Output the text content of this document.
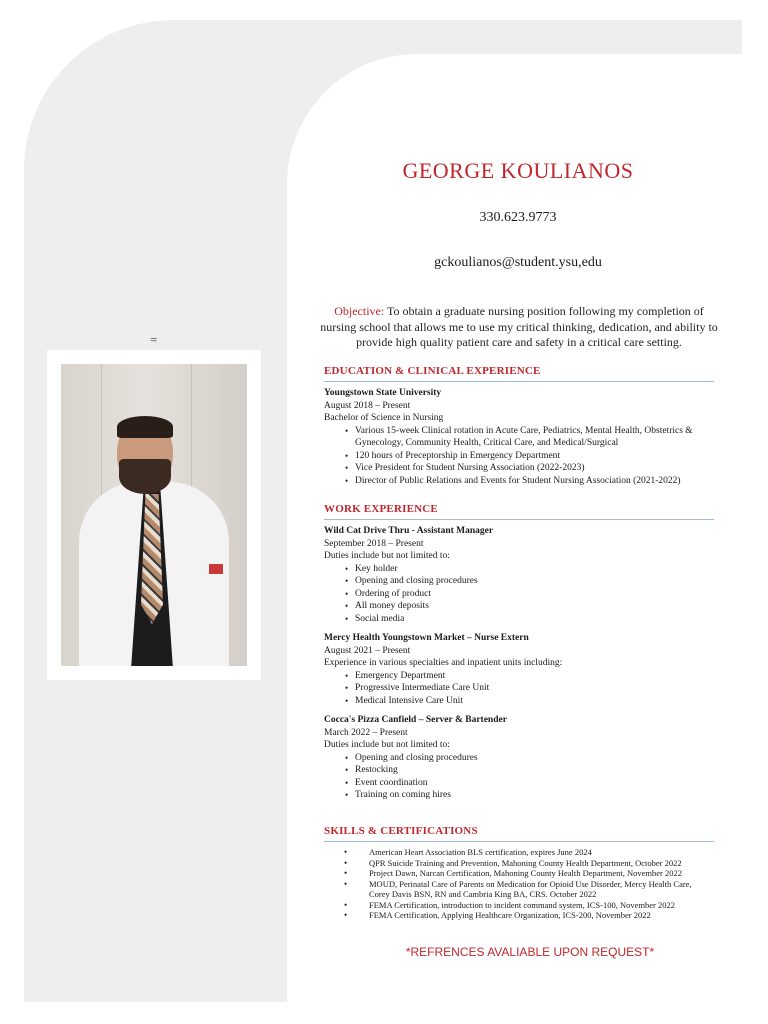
=
GEORGE KOULIANOS
330.623.9773
gckoulianos@student.ysu,edu
Objective: To obtain a graduate nursing position following my completion of nursing school that allows me to use my critical thinking, dedication, and ability to provide high quality patient care and safety in a critical care setting.
EDUCATION & CLINICAL EXPERIENCE
Youngstown State University
August 2018 – Present
Bachelor of Science in Nursing
• Various 15-week Clinical rotation in Acute Care, Pediatrics, Mental Health, Obstetrics & Gynecology, Community Health, Critical Care, and Medical/Surgical
• 120 hours of Preceptorship in Emergency Department
• Vice President for Student Nursing Association (2022-2023)
• Director of Public Relations and Events for Student Nursing Association (2021-2022)
WORK EXPERIENCE
Wild Cat Drive Thru - Assistant Manager
September 2018 – Present
Duties include but not limited to:
• Key holder
• Opening and closing procedures
• Ordering of product
• All money deposits
• Social media
Mercy Health Youngstown Market – Nurse Extern
August 2021 – Present
Experience in various specialties and inpatient units including:
• Emergency Department
• Progressive Intermediate Care Unit
• Medical Intensive Care Unit
Cocca's Pizza Canfield – Server & Bartender
March 2022 – Present
Duties include but not limited to:
• Opening and closing procedures
• Restocking
• Event coordination
• Training on coming hires
SKILLS & CERTIFICATIONS
• American Heart Association BLS certification, expires June 2024
• QPR Suicide Training and Prevention, Mahoning County Health Department, October 2022
• Project Dawn, Narcan Certification, Mahoning County Health Department, November 2022
• MOUD, Perinatal Care of Parents on Medication for Opioid Use Disorder, Mercy Health Care, Corey Davis BSN, RN and Cambria King BA, CRS. October 2022
• FEMA Certification, introduction to incident command system, ICS-100, November 2022
• FEMA Certification, Applying Healthcare Organization, ICS-200, November 2022
*REFRENCES AVALIABLE UPON REQUEST*
